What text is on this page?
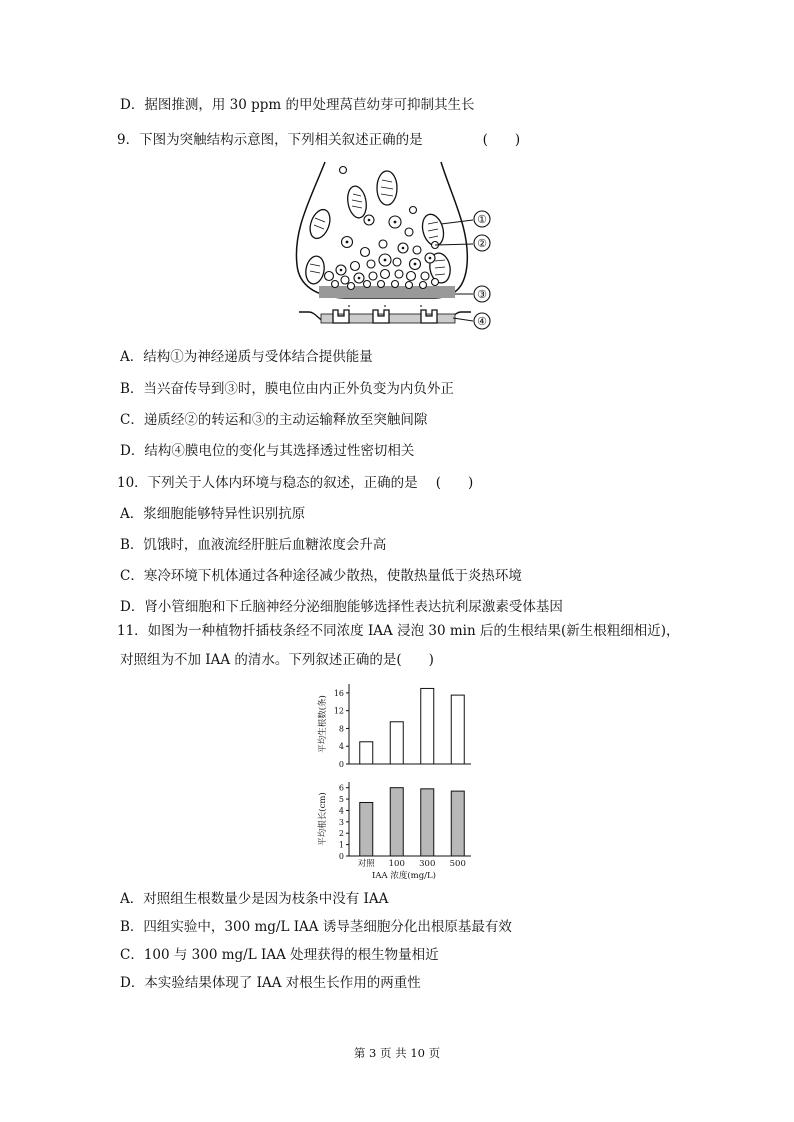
D．据图推测，用 30 ppm 的甲处理莴苣幼芽可抑制其生长
9．下图为突触结构示意图，下列相关叙述正确的是	(　　)
①
②
③
④
A．结构①为神经递质与受体结合提供能量
B．当兴奋传导到③时，膜电位由内正外负变为内负外正
C．递质经②的转运和③的主动运输释放至突触间隙
D．结构④膜电位的变化与其选择透过性密切相关
10．下列关于人体内环境与稳态的叙述，正确的是 (　　)
A．浆细胞能够特异性识别抗原
B．饥饿时，血液流经肝脏后血糖浓度会升高
C．寒冷环境下机体通过各种途径减少散热，使散热量低于炎热环境
D．肾小管细胞和下丘脑神经分泌细胞能够选择性表达抗利尿激素受体基因
11．如图为一种植物扦插枝条经不同浓度 IAA 浸泡 30 min 后的生根结果(新生根粗细相近)，
对照组为不加 IAA 的清水。下列叙述正确的是(　　)
0
4
8
12
16
平均生根数(条)
0
1
2
3
4
5
6
平均根长(cm)
对照 100 300 500
IAA 浓度(mg/L)
A．对照组生根数量少是因为枝条中没有 IAA
B．四组实验中，300 mg/L IAA 诱导茎细胞分化出根原基最有效
C．100 与 300 mg/L IAA 处理获得的根生物量相近
D．本实验结果体现了 IAA 对根生长作用的两重性
第 3 页 共 10 页
